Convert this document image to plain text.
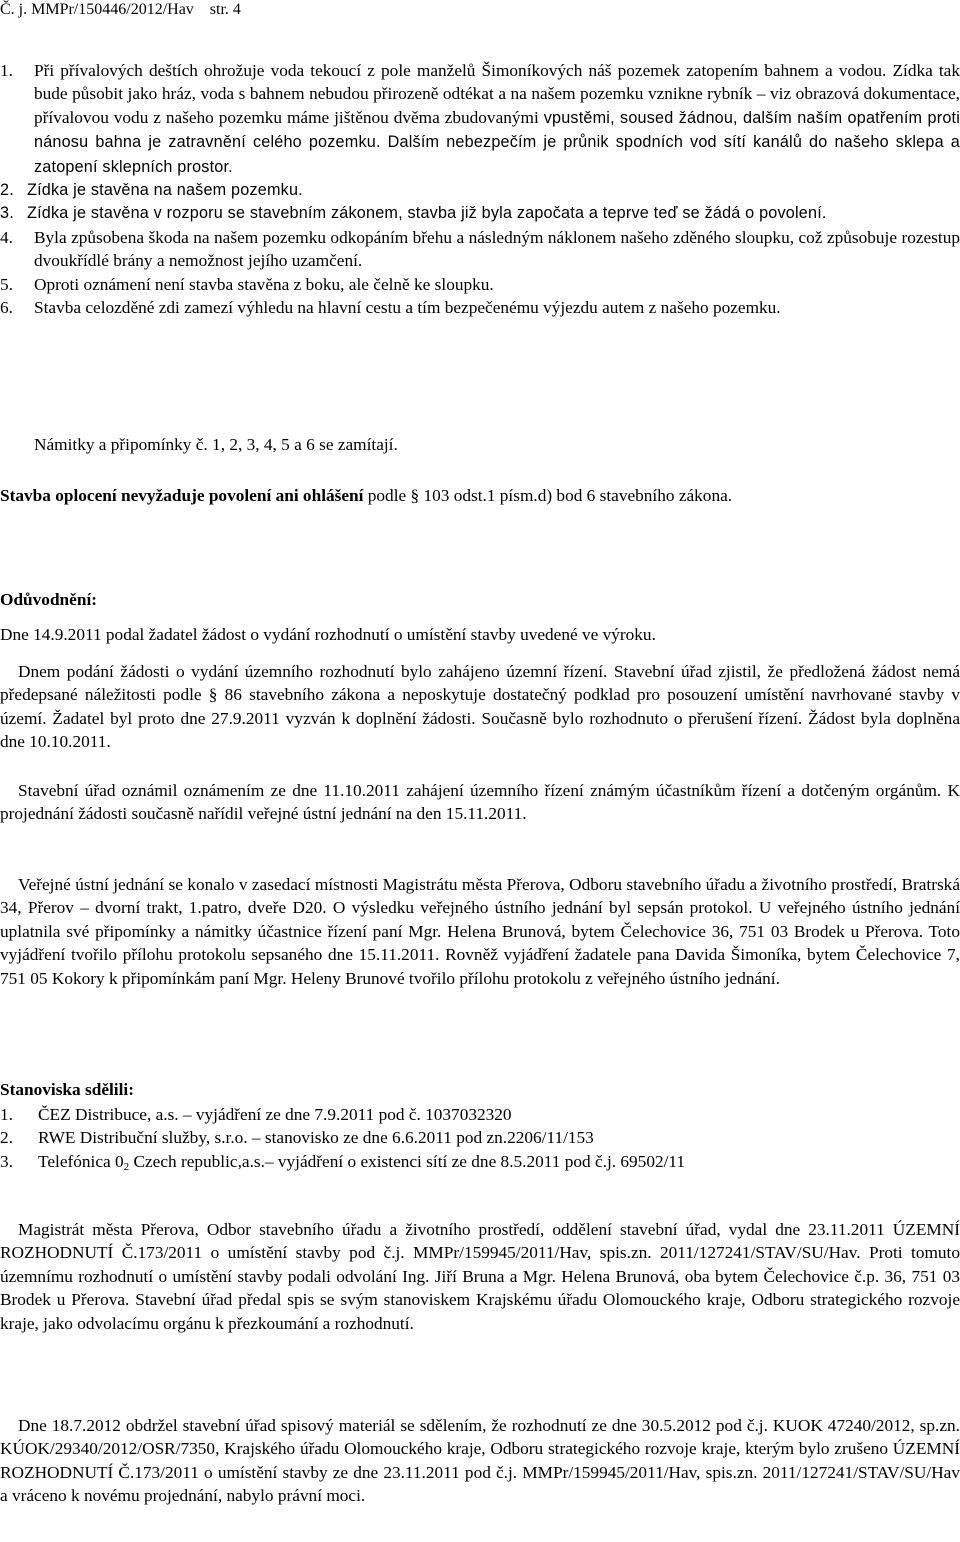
Č. j. MMPr/150446/2012/Hav str. 4
1. Při přívalových deštích ohrožuje voda tekoucí z pole manželů Šimoníkových náš pozemek zatopením bahnem a vodou. Zídka tak bude působit jako hráz, voda s bahnem nebudou přirozeně odtékat a na našem pozemku vznikne rybník – viz obrazová dokumentace, přívalovou vodu z našeho pozemku máme jištěnou dvěma zbudovanými vpustěmi, soused žádnou, dalším naším opatřením proti nánosu bahna je zatravnění celého pozemku. Dalším nebezpečím je průnik spodních vod sítí kanálů do našeho sklepa a zatopení sklepních prostor.
2. Zídka je stavěna na našem pozemku.
3. Zídka je stavěna v rozporu se stavebním zákonem, stavba již byla započata a teprve teď se žádá o povolení.
4. Byla způsobena škoda na našem pozemku odkopáním břehu a následným náklonem našeho zděného sloupku, což způsobuje rozestup dvoukřídlé brány a nemožnost jejího uzamčení.
5. Oproti oznámení není stavba stavěna z boku, ale čelně ke sloupku.
6. Stavba celozděné zdi zamezí výhledu na hlavní cestu a tím bezpečenému výjezdu autem z našeho pozemku.
Námitky a připomínky č. 1, 2, 3, 4, 5 a 6 se zamítají.
Stavba oplocení nevyžaduje povolení ani ohlášení podle § 103 odst.1 písm.d) bod 6 stavebního zákona.
Odůvodnění:
Dne 14.9.2011 podal žadatel žádost o vydání rozhodnutí o umístění stavby uvedené ve výroku.
Dnem podání žádosti o vydání územního rozhodnutí bylo zahájeno územní řízení. Stavební úřad zjistil, že předložená žádost nemá předepsané náležitosti podle § 86 stavebního zákona a neposkytuje dostatečný podklad pro posouzení umístění navrhované stavby v území. Žadatel byl proto dne 27.9.2011 vyzván k doplnění žádosti. Současně bylo rozhodnuto o přerušení řízení. Žádost byla doplněna dne 10.10.2011.
Stavební úřad oznámil oznámením ze dne 11.10.2011 zahájení územního řízení známým účastníkům řízení a dotčeným orgánům. K projednání žádosti současně nařídil veřejné ústní jednání na den 15.11.2011.
Veřejné ústní jednání se konalo v zasedací místnosti Magistrátu města Přerova, Odboru stavebního úřadu a životního prostředí, Bratrská 34, Přerov – dvorní trakt, 1.patro, dveře D20. O výsledku veřejného ústního jednání byl sepsán protokol. U veřejného ústního jednání uplatnila své připomínky a námitky účastnice řízení paní Mgr. Helena Brunová, bytem Čelechovice 36, 751 03 Brodek u Přerova. Toto vyjádření tvořilo přílohu protokolu sepsaného dne 15.11.2011. Rovněž vyjádření žadatele pana Davida Šimoníka, bytem Čelechovice 7, 751 05 Kokory k připomínkám paní Mgr. Heleny Brunové tvořilo přílohu protokolu z veřejného ústního jednání.
Stanoviska sdělili:
1. ČEZ Distribuce, a.s. – vyjádření ze dne 7.9.2011 pod č. 1037032320
2. RWE Distribuční služby, s.r.o. – stanovisko ze dne 6.6.2011 pod zn.2206/11/153
3. Telefónica $0_2$ Czech republic,a.s.– vyjádření o existenci sítí ze dne 8.5.2011 pod č.j. 69502/11
Magistrát města Přerova, Odbor stavebního úřadu a životního prostředí, oddělení stavební úřad, vydal dne 23.11.2011 ÚZEMNÍ ROZHODNUTÍ Č.173/2011 o umístění stavby pod č.j. MMPr/159945/2011/Hav, spis.zn. 2011/127241/STAV/SU/Hav. Proti tomuto územnímu rozhodnutí o umístění stavby podali odvolání Ing. Jiří Bruna a Mgr. Helena Brunová, oba bytem Čelechovice č.p. 36, 751 03 Brodek u Přerova. Stavební úřad předal spis se svým stanoviskem Krajskému úřadu Olomouckého kraje, Odboru strategického rozvoje kraje, jako odvolacímu orgánu k přezkoumání a rozhodnutí.
Dne 18.7.2012 obdržel stavební úřad spisový materiál se sdělením, že rozhodnutí ze dne 30.5.2012 pod č.j. KUOK 47240/2012, sp.zn. KÚOK/29340/2012/OSR/7350, Krajského úřadu Olomouckého kraje, Odboru strategického rozvoje kraje, kterým bylo zrušeno ÚZEMNÍ ROZHODNUTÍ Č.173/2011 o umístění stavby ze dne 23.11.2011 pod č.j. MMPr/159945/2011/Hav, spis.zn. 2011/127241/STAV/SU/Hav a vráceno k novému projednání, nabylo právní moci.
